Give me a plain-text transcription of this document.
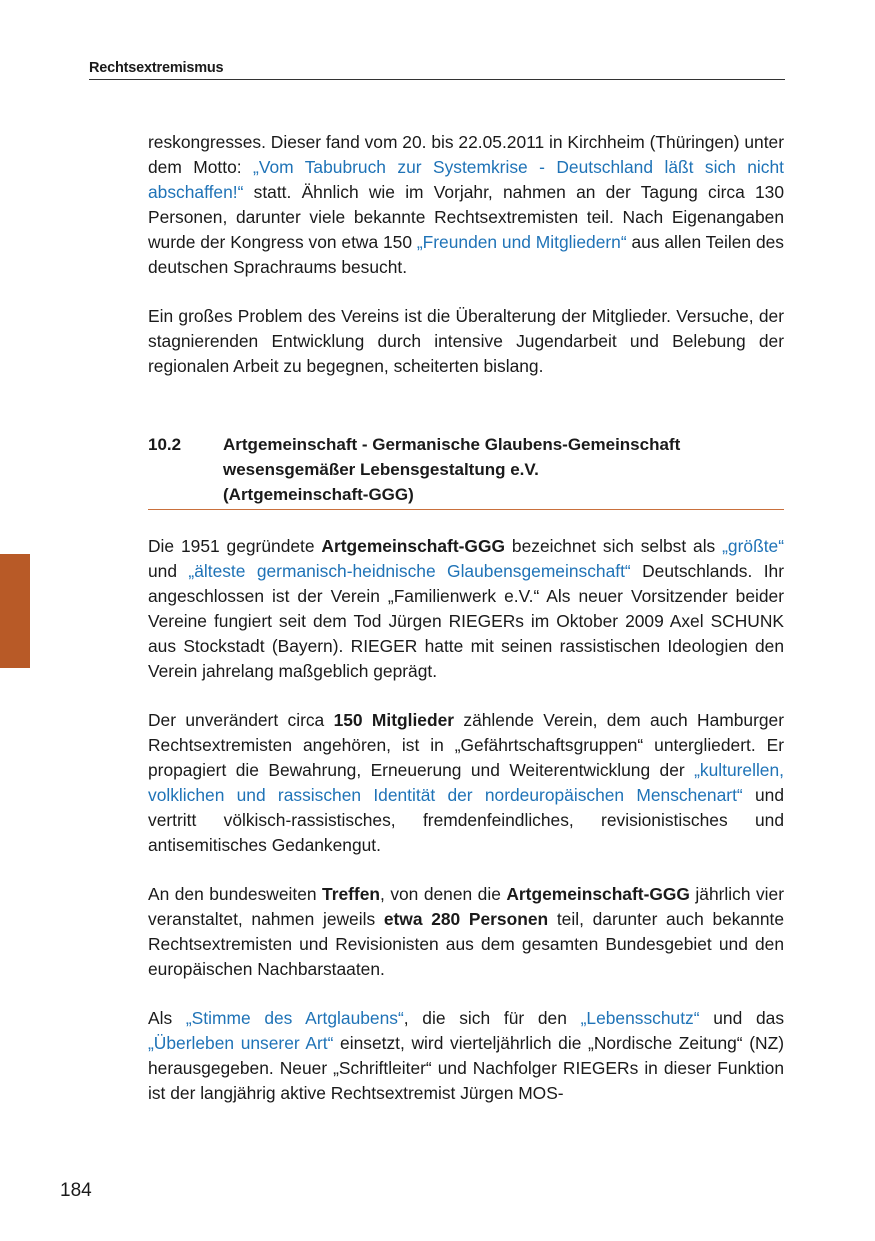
Rechtsextremismus

reskongresses. Dieser fand vom 20. bis 22.05.2011 in Kirchheim (Thüringen) unter dem Motto: „Vom Tabubruch zur Systemkrise - Deutschland läßt sich nicht abschaffen!“ statt. Ähnlich wie im Vorjahr, nahmen an der Tagung circa 130 Personen, darunter viele bekannte Rechtsextremisten teil. Nach Eigenangaben wurde der Kongress von etwa 150 „Freunden und Mitgliedern“ aus allen Teilen des deutschen Sprachraums besucht.

Ein großes Problem des Vereins ist die Überalterung der Mitglieder. Versuche, der stagnierenden Entwicklung durch intensive Jugendarbeit und Belebung der regionalen Arbeit zu begegnen, scheiterten bislang.

10.2	Artgemeinschaft - Germanische Glaubens-Gemeinschaft
wesensgemäßer Lebensgestaltung e.V.
(Artgemeinschaft-GGG)

Die 1951 gegründete Artgemeinschaft-GGG bezeichnet sich selbst als „größte“ und „älteste germanisch-heidnische Glaubensgemeinschaft“ Deutschlands. Ihr angeschlossen ist der Verein „Familienwerk e.V.“ Als neuer Vorsitzender beider Vereine fungiert seit dem Tod Jürgen RIEGERs im Oktober 2009 Axel SCHUNK aus Stockstadt (Bayern). RIEGER hatte mit seinen rassistischen Ideologien den Verein jahrelang maßgeblich geprägt.

Der unverändert circa 150 Mitglieder zählende Verein, dem auch Hamburger Rechtsextremisten angehören, ist in „Gefährtschaftsgruppen“ untergliedert. Er propagiert die Bewahrung, Erneuerung und Weiterentwicklung der „kulturellen, volklichen und rassischen Identität der nordeuropäischen Menschenart“ und vertritt völkisch-rassistisches, fremdenfeindliches, revisionistisches und antisemitisches Gedankengut.

An den bundesweiten Treffen, von denen die Artgemeinschaft-GGG jährlich vier veranstaltet, nahmen jeweils etwa 280 Personen teil, darunter auch bekannte Rechtsextremisten und Revisionisten aus dem gesamten Bundesgebiet und den europäischen Nachbarstaaten.

Als „Stimme des Artglaubens“, die sich für den „Lebensschutz“ und das „Überleben unserer Art“ einsetzt, wird vierteljährlich die „Nordische Zeitung“ (NZ) herausgegeben. Neuer „Schriftleiter“ und Nachfolger RIEGERs in dieser Funktion ist der langjährig aktive Rechtsextremist Jürgen MOS-

184
